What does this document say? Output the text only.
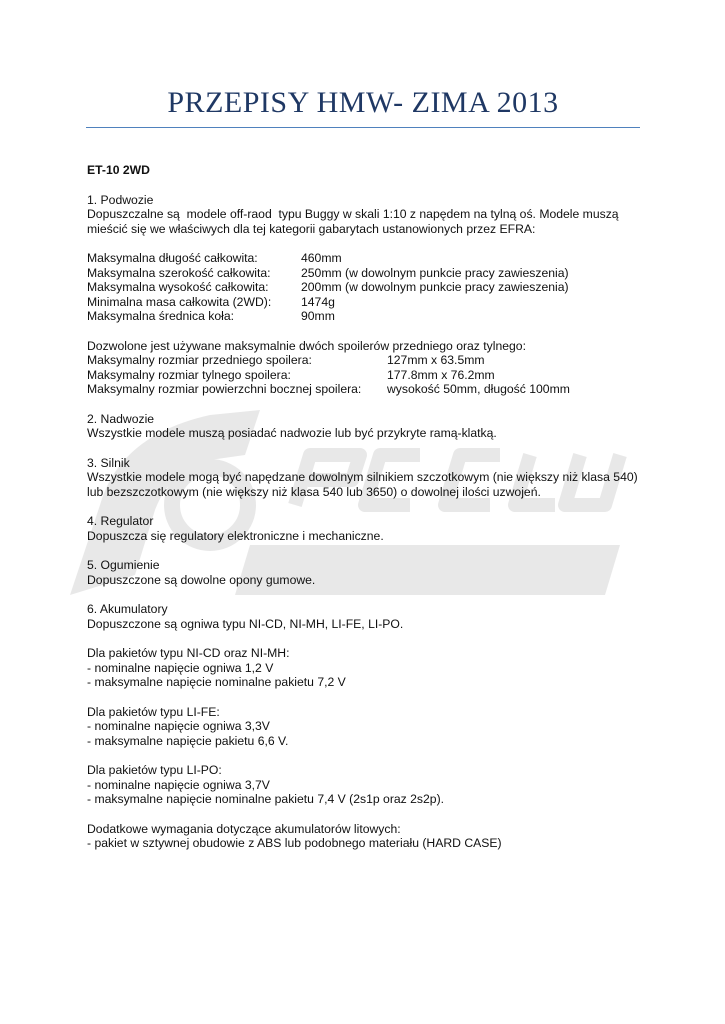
PRZEPISY HMW- ZIMA 2013
ET-10 2WD
1. Podwozie
Dopuszczalne są  modele off-raod  typu Buggy w skali 1:10 z napędem na tylną oś. Modele muszą
mieścić się we właściwych dla tej kategorii gabarytach ustanowionych przez EFRA:
Maksymalna długość całkowita:	460mm
Maksymalna szerokość całkowita:	250mm (w dowolnym punkcie pracy zawieszenia)
Maksymalna wysokość całkowita:	200mm (w dowolnym punkcie pracy zawieszenia)
Minimalna masa całkowita (2WD):	1474g
Maksymalna średnica koła:	90mm
Dozwolone jest używane maksymalnie dwóch spoilerów przedniego oraz tylnego:
Maksymalny rozmiar przedniego spoilera:	127mm x 63.5mm
Maksymalny rozmiar tylnego spoilera:	177.8mm x 76.2mm
Maksymalny rozmiar powierzchni bocznej spoilera:	wysokość 50mm, długość 100mm
2. Nadwozie
Wszystkie modele muszą posiadać nadwozie lub być przykryte ramą-klatką.
3. Silnik
Wszystkie modele mogą być napędzane dowolnym silnikiem szczotkowym (nie większy niż klasa 540)
lub bezszczotkowym (nie większy niż klasa 540 lub 3650) o dowolnej ilości uzwojeń.
4. Regulator
Dopuszcza się regulatory elektroniczne i mechaniczne.
5. Ogumienie
Dopuszczone są dowolne opony gumowe.
6. Akumulatory
Dopuszczone są ogniwa typu NI-CD, NI-MH, LI-FE, LI-PO.
Dla pakietów typu NI-CD oraz NI-MH:
- nominalne napięcie ogniwa 1,2 V
- maksymalne napięcie nominalne pakietu 7,2 V
Dla pakietów typu LI-FE:
- nominalne napięcie ogniwa 3,3V
- maksymalne napięcie pakietu 6,6 V.
Dla pakietów typu LI-PO:
- nominalne napięcie ogniwa 3,7V
- maksymalne napięcie nominalne pakietu 7,4 V (2s1p oraz 2s2p).
Dodatkowe wymagania dotyczące akumulatorów litowych:
- pakiet w sztywnej obudowie z ABS lub podobnego materiału (HARD CASE)
